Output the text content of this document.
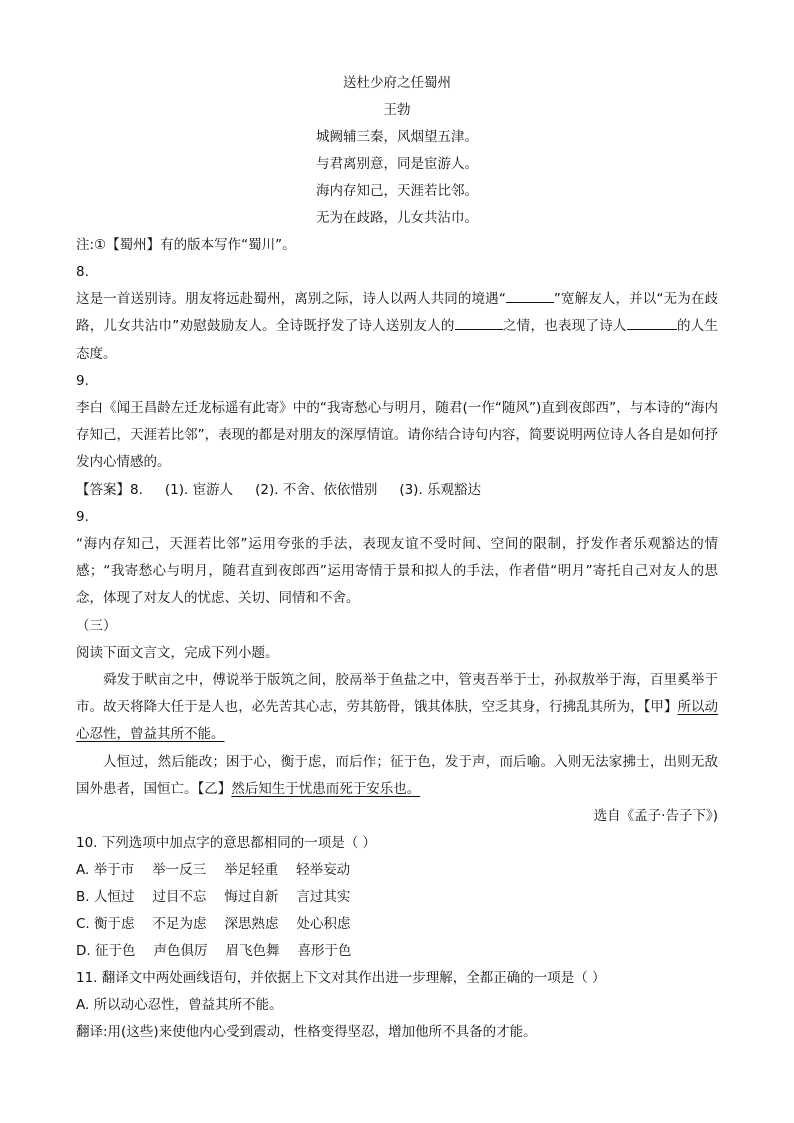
送杜少府之任蜀州
王勃
城阙辅三秦，风烟望五津。
与君离别意，同是宦游人。
海内存知己，天涯若比邻。
无为在歧路，儿女共沾巾。
注:①【蜀州】有的版本写作“蜀川”。
8.
这是一首送别诗。朋友将远赴蜀州，离别之际，诗人以两人共同的境遇“	”宽解友人，并以“无为在歧路，儿女共沾巾”劝慰鼓励友人。全诗既抒发了诗人送别友人的	之情，也表现了诗人	的人生态度。
9.
李白《闻王昌龄左迁龙标遥有此寄》中的“我寄愁心与明月，随君(一作“随风”)直到夜郎西”，与本诗的“海内存知己，天涯若比邻”，表现的都是对朋友的深厚情谊。请你结合诗句内容，简要说明两位诗人各自是如何抒发内心情感的。
【答案】8. (1). 宦游人 (2). 不舍、依依惜别 (3). 乐观豁达
9.
“海内存知己，天涯若比邻”运用夸张的手法，表现友谊不受时间、空间的限制，抒发作者乐观豁达的情感；“我寄愁心与明月，随君直到夜郎西”运用寄情于景和拟人的手法，作者借“明月”寄托自己对友人的思念，体现了对友人的忧虑、关切、同情和不舍。
（三）
阅读下面文言文，完成下列小题。
舜发于畎亩之中，傅说举于版筑之间，胶鬲举于鱼盐之中，管夷吾举于士，孙叔敖举于海，百里奚举于市。故天将降大任于是人也，必先苦其心志，劳其筋骨，饿其体肤，空乏其身，行拂乱其所为，【甲】所以动心忍性，曾益其所不能。
人恒过，然后能改；困于心，衡于虑，而后作；征于色，发于声，而后喻。入则无法家拂士，出则无敌国外患者，国恒亡。【乙】然后知生于忧患而死于安乐也。
选自《孟子·告子下》)
10. 下列选项中加点字的意思都相同的一项是（ ）
A. 举于市 举一反三 举足轻重 轻举妄动
B. 人恒过 过目不忘 悔过自新 言过其实
C. 衡于虑 不足为虑 深思熟虑 处心积虑
D. 征于色 声色俱厉 眉飞色舞 喜形于色
11. 翻译文中两处画线语句，并依据上下文对其作出进一步理解，全都正确的一项是（ ）
A. 所以动心忍性，曾益其所不能。
翻译:用(这些)来使他内心受到震动，性格变得坚忍，增加他所不具备的才能。
